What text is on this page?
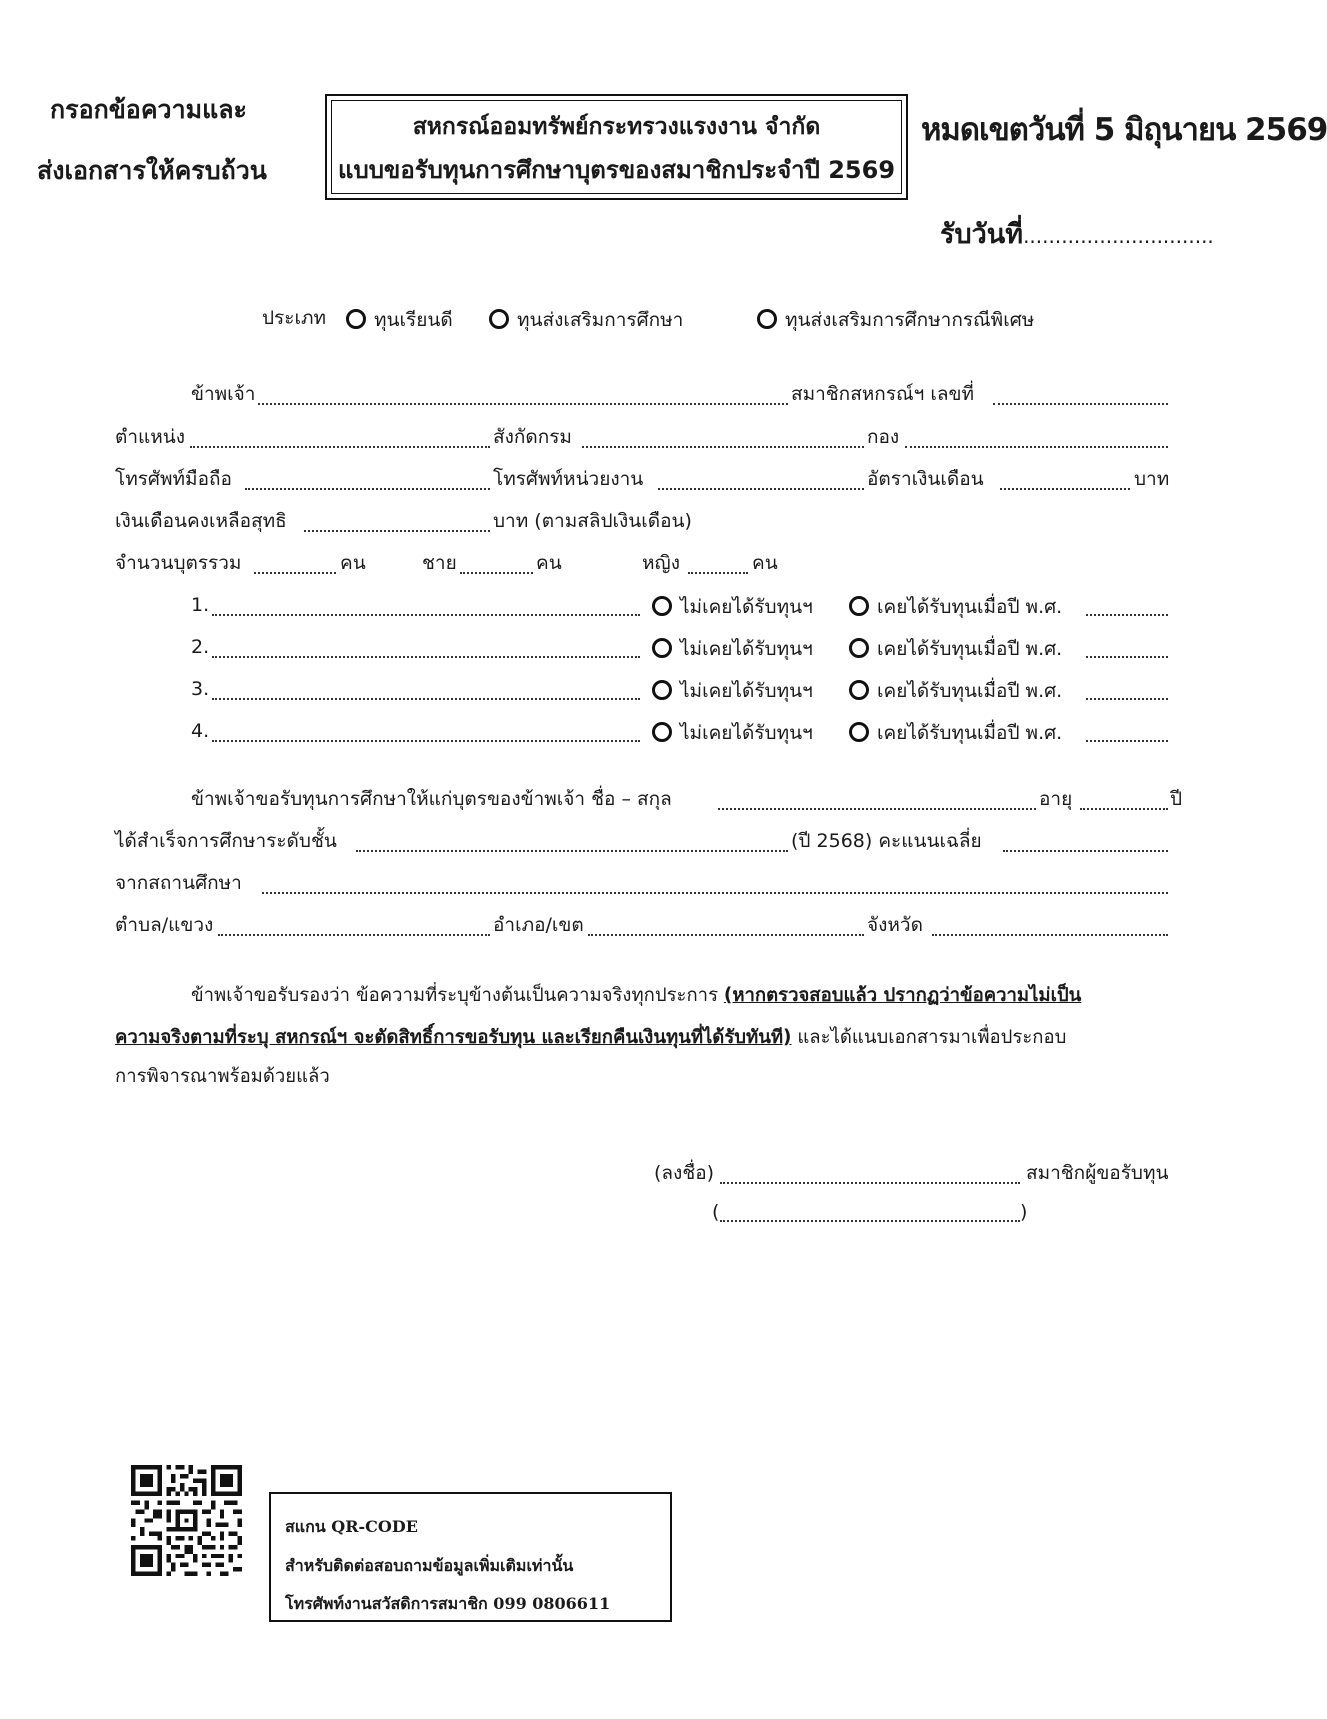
กรอกข้อความและ
ส่งเอกสารให้ครบถ้วน
สหกรณ์ออมทรัพย์กระทรวงแรงงาน จำกัด
แบบขอรับทุนการศึกษาบุตรของสมาชิกประจำปี 2569
หมดเขตวันที่ 5 มิถุนายน 2569
รับวันที่..............................
ประเภท	ทุนเรียนดี	ทุนส่งเสริมการศึกษา	ทุนส่งเสริมการศึกษากรณีพิเศษ
ข้าพเจ้า	สมาชิกสหกรณ์ฯ เลขที่
ตำแหน่ง	สังกัดกรม	กอง
โทรศัพท์มือถือ	โทรศัพท์หน่วยงาน	อัตราเงินเดือน	บาท
เงินเดือนคงเหลือสุทธิ	บาท (ตามสลิปเงินเดือน)
จำนวนบุตรรวม	คน	ชาย	คน	หญิง	คน
1.	ไม่เคยได้รับทุนฯ	เคยได้รับทุนเมื่อปี พ.ศ.
2.	ไม่เคยได้รับทุนฯ	เคยได้รับทุนเมื่อปี พ.ศ.
3.	ไม่เคยได้รับทุนฯ	เคยได้รับทุนเมื่อปี พ.ศ.
4.	ไม่เคยได้รับทุนฯ	เคยได้รับทุนเมื่อปี พ.ศ.
ข้าพเจ้าขอรับทุนการศึกษาให้แก่บุตรของข้าพเจ้า ชื่อ – สกุล	อายุ	ปี
ได้สำเร็จการศึกษาระดับชั้น	(ปี 2568) คะแนนเฉลี่ย
จากสถานศึกษา
ตำบล/แขวง	อำเภอ/เขต	จังหวัด
ข้าพเจ้าขอรับรองว่า ข้อความที่ระบุข้างต้นเป็นความจริงทุกประการ (หากตรวจสอบแล้ว ปรากฏว่าข้อความไม่เป็น
ความจริงตามที่ระบุ สหกรณ์ฯ จะตัดสิทธิ์การขอรับทุน และเรียกคืนเงินทุนที่ได้รับทันที) และได้แนบเอกสารมาเพื่อประกอบ
การพิจารณาพร้อมด้วยแล้ว
(ลงชื่อ)	สมาชิกผู้ขอรับทุน
(	)
สแกน QR-CODE
สำหรับติดต่อสอบถามข้อมูลเพิ่มเติมเท่านั้น
โทรศัพท์งานสวัสดิการสมาชิก 099 0806611
